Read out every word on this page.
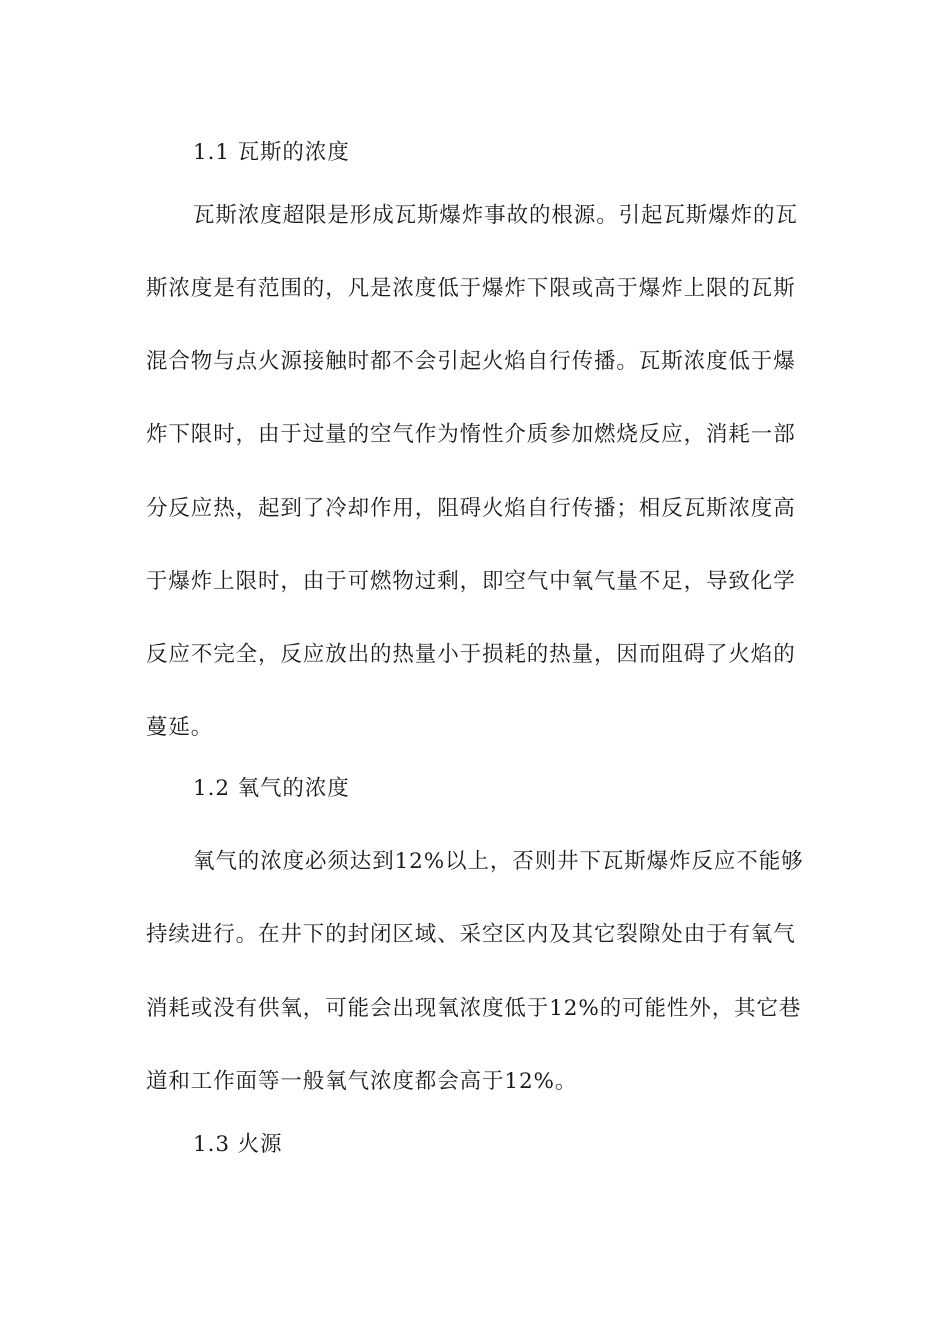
1.1 瓦斯的浓度
瓦斯浓度超限是形成瓦斯爆炸事故的根源。引起瓦斯爆炸的瓦
斯浓度是有范围的，凡是浓度低于爆炸下限或高于爆炸上限的瓦斯
混合物与点火源接触时都不会引起火焰自行传播。瓦斯浓度低于爆
炸下限时，由于过量的空气作为惰性介质参加燃烧反应，消耗一部
分反应热，起到了冷却作用，阻碍火焰自行传播；相反瓦斯浓度高
于爆炸上限时，由于可燃物过剩，即空气中氧气量不足，导致化学
反应不完全，反应放出的热量小于损耗的热量，因而阻碍了火焰的
蔓延。
1.2 氧气的浓度
氧气的浓度必须达到12%以上，否则井下瓦斯爆炸反应不能够
持续进行。在井下的封闭区域、采空区内及其它裂隙处由于有氧气
消耗或没有供氧，可能会出现氧浓度低于12%的可能性外，其它巷
道和工作面等一般氧气浓度都会高于12%。
1.3 火源
